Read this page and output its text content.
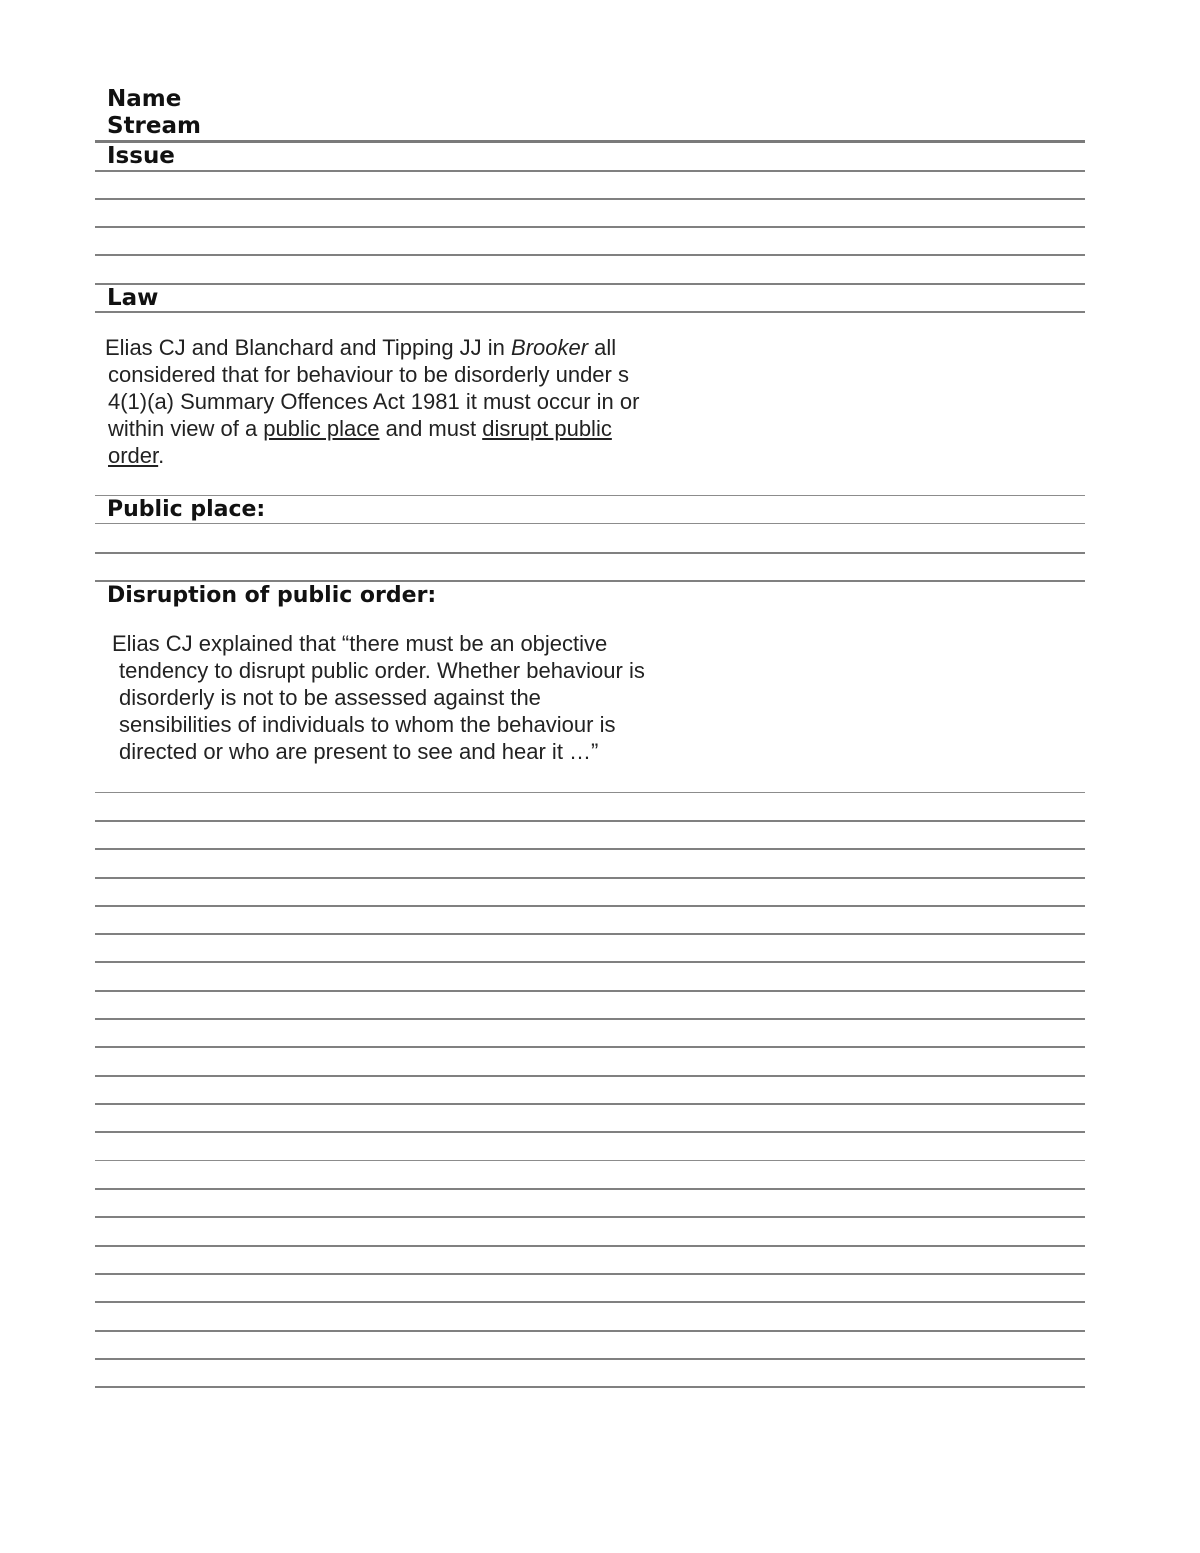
Name
Stream
Issue
Law
Elias CJ and Blanchard and Tipping JJ in Brooker all
considered that for behaviour to be disorderly under s
4(1)(a) Summary Offences Act 1981 it must occur in or
within view of a public place and must disrupt public
order.
Public place:
Disruption of public order:
Elias CJ explained that “there must be an objective
tendency to disrupt public order. Whether behaviour is
disorderly is not to be assessed against the
sensibilities of individuals to whom the behaviour is
directed or who are present to see and hear it …”
